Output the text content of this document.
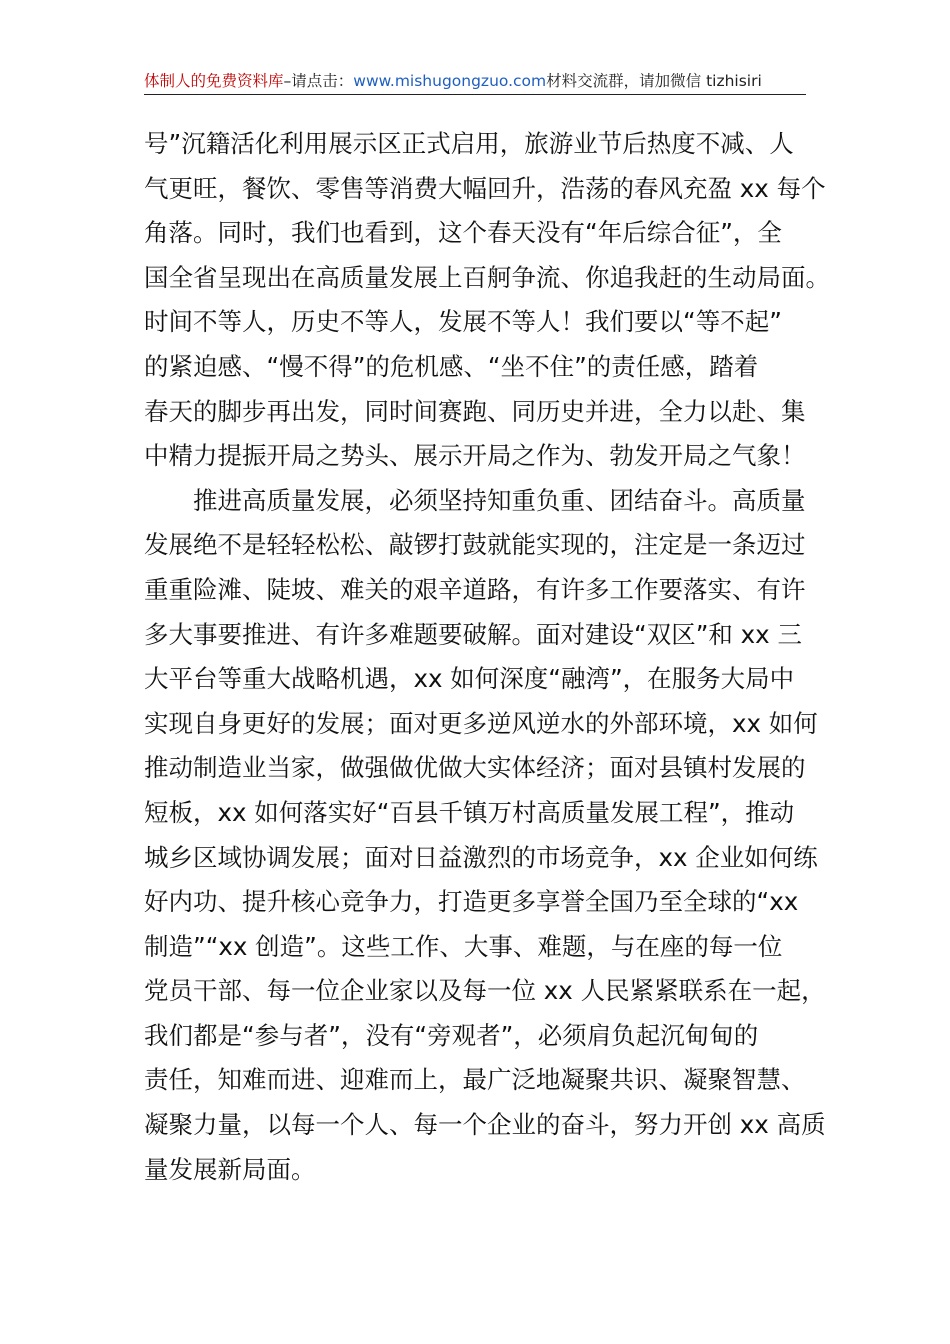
体制人的免费资料库–请点击：www.mishugongzuo.com材料交流群，请加微信 tizhisiri
号”沉籍活化利用展示区正式启用，旅游业节后热度不减、人
气更旺，餐饮、零售等消费大幅回升，浩荡的春风充盈 xx 每个
角落。同时，我们也看到，这个春天没有“年后综合征”，全
国全省呈现出在高质量发展上百舸争流、你追我赶的生动局面。
时间不等人，历史不等人，发展不等人！我们要以“等不起”
的紧迫感、“慢不得”的危机感、“坐不住”的责任感，踏着
春天的脚步再出发，同时间赛跑、同历史并进，全力以赴、集
中精力提振开局之势头、展示开局之作为、勃发开局之气象！
推进高质量发展，必须坚持知重负重、团结奋斗。高质量
发展绝不是轻轻松松、敲锣打鼓就能实现的，注定是一条迈过
重重险滩、陡坡、难关的艰辛道路，有许多工作要落实、有许
多大事要推进、有许多难题要破解。面对建设“双区”和 xx 三
大平台等重大战略机遇，xx 如何深度“融湾”，在服务大局中
实现自身更好的发展；面对更多逆风逆水的外部环境，xx 如何
推动制造业当家，做强做优做大实体经济；面对县镇村发展的
短板，xx 如何落实好“百县千镇万村高质量发展工程”，推动
城乡区域协调发展；面对日益激烈的市场竞争，xx 企业如何练
好内功、提升核心竞争力，打造更多享誉全国乃至全球的“xx
制造”“xx 创造”。这些工作、大事、难题，与在座的每一位
党员干部、每一位企业家以及每一位 xx 人民紧紧联系在一起，
我们都是“参与者”，没有“旁观者”，必须肩负起沉甸甸的
责任，知难而进、迎难而上，最广泛地凝聚共识、凝聚智慧、
凝聚力量，以每一个人、每一个企业的奋斗，努力开创 xx 高质
量发展新局面。
